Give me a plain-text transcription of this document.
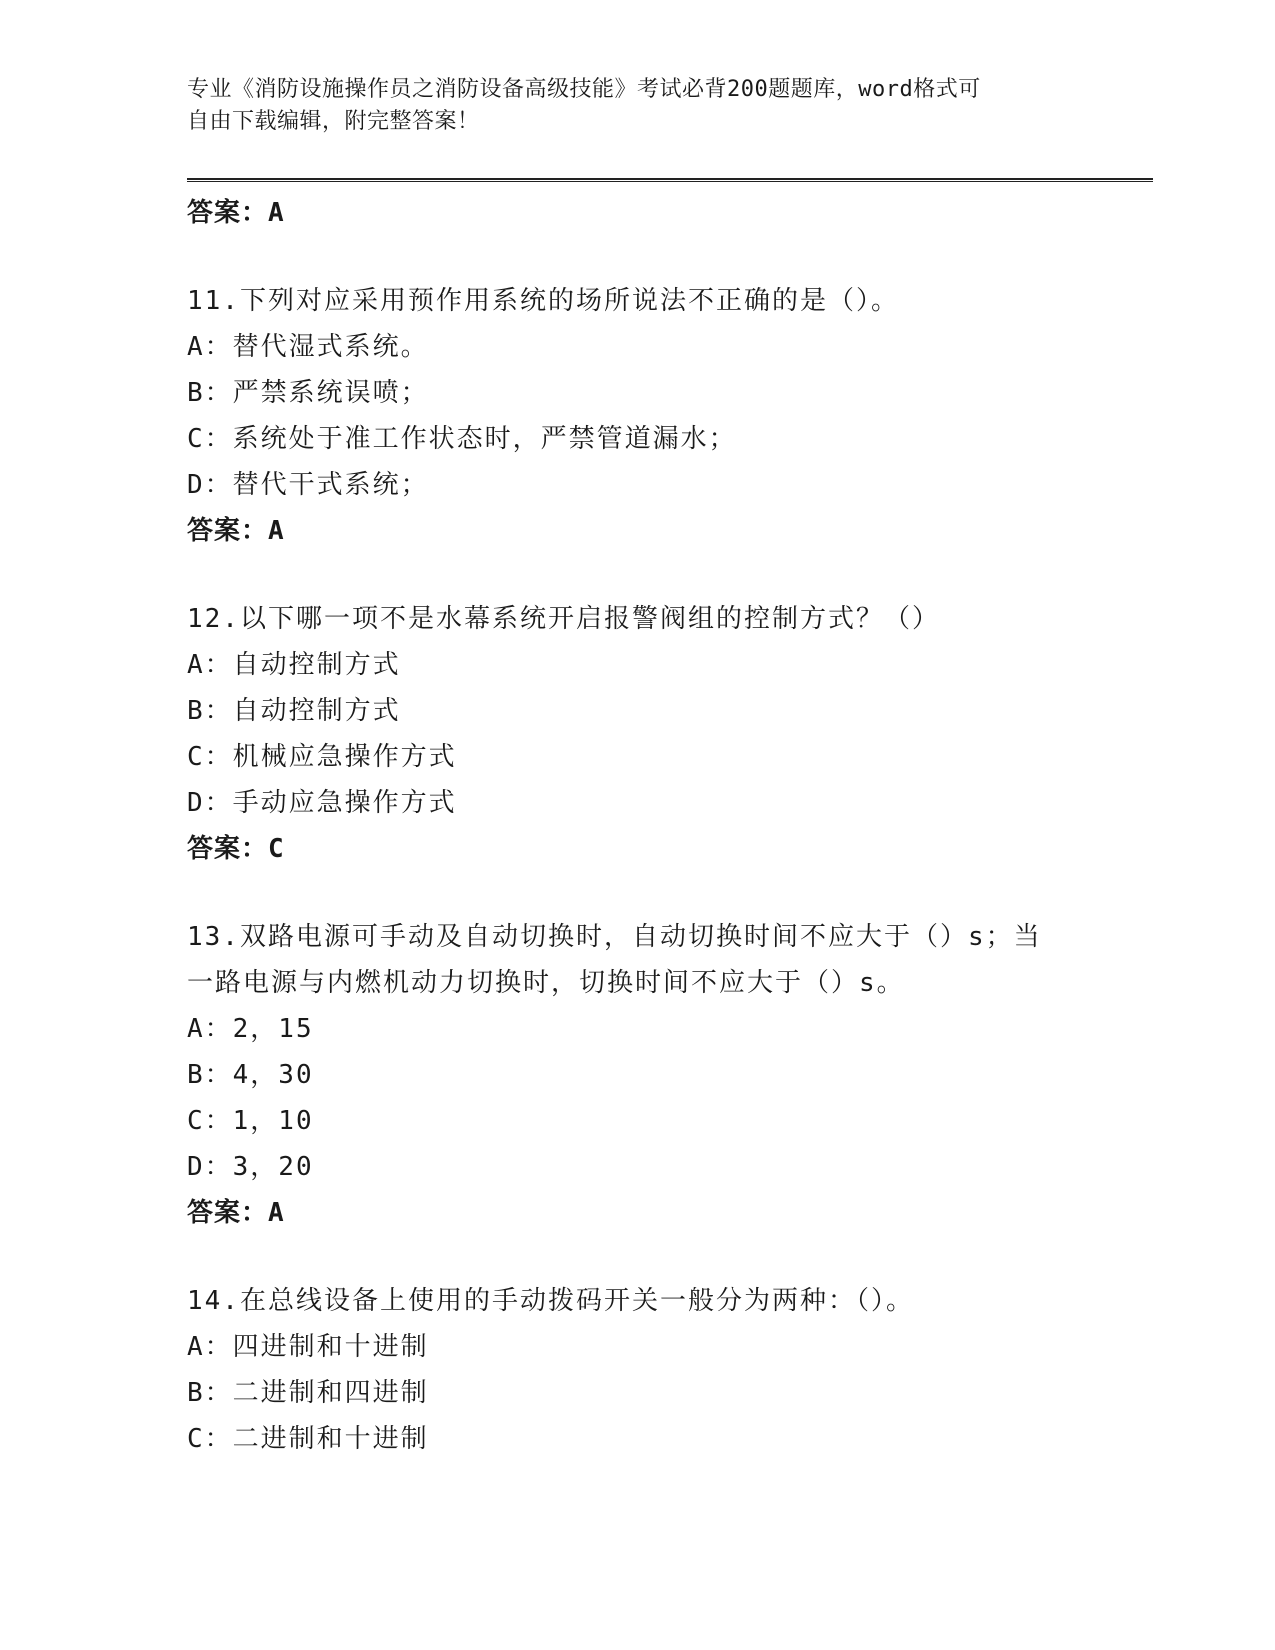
专业《消防设施操作员之消防设备高级技能》考试必背200题题库，word格式可
自由下载编辑，附完整答案！
答案：A
11.下列对应采用预作用系统的场所说法不正确的是（）。
A：替代湿式系统。
B：严禁系统误喷；
C：系统处于准工作状态时，严禁管道漏水；
D：替代干式系统；
答案：A
12.以下哪一项不是水幕系统开启报警阀组的控制方式？（）
A：自动控制方式
B：自动控制方式
C：机械应急操作方式
D：手动应急操作方式
答案：C
13.双路电源可手动及自动切换时，自动切换时间不应大于（）s；当
一路电源与内燃机动力切换时，切换时间不应大于（）s。
A：2，15
B：4，30
C：1，10
D：3，20
答案：A
14.在总线设备上使用的手动拨码开关一般分为两种：（）。
A：四进制和十进制
B：二进制和四进制
C：二进制和十进制
